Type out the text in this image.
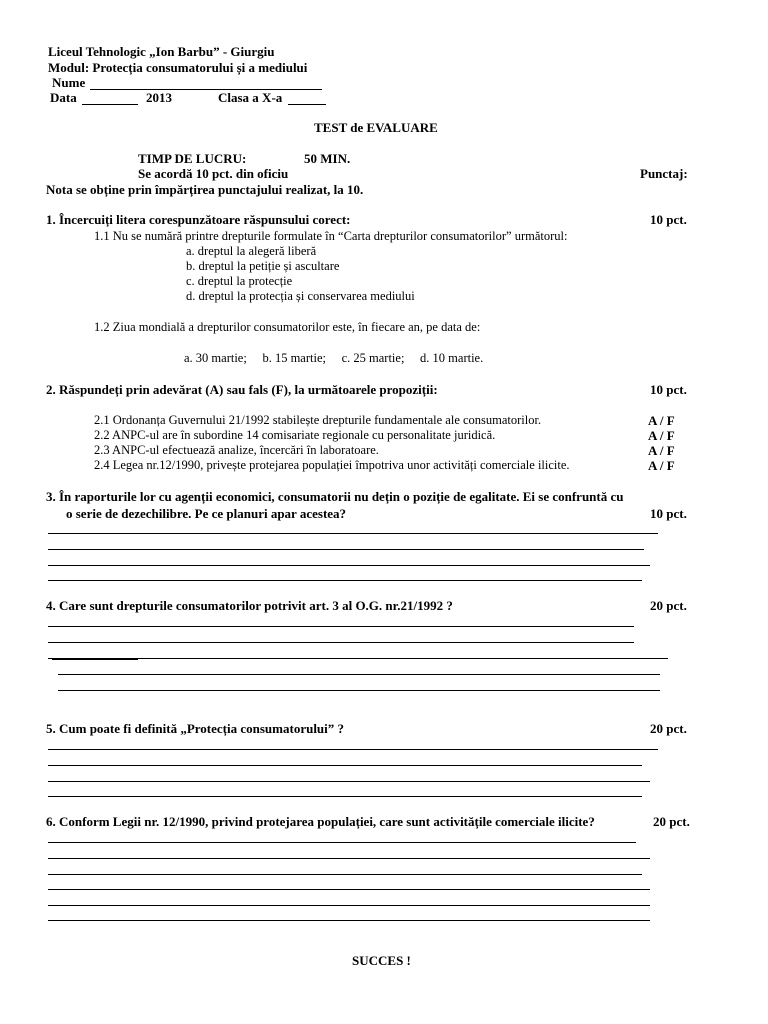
Liceul Tehnologic „Ion Barbu” - Giurgiu
Modul: Protecția consumatorului și a mediului
Nume
Data	2013	Clasa a X-a
TEST de EVALUARE
TIMP DE LUCRU:	50 MIN.
Se acordă 10 pct. din oficiu	Punctaj:
Nota se obține prin împărțirea punctajului realizat, la 10.
1. Încercuiți litera corespunzătoare răspunsului corect:	10 pct.
1.1 Nu se numără printre drepturile formulate în “Carta drepturilor consumatorilor” următorul:
a. dreptul la alegeră liberă
b. dreptul la petiție și ascultare
c. dreptul la protecție
d. dreptul la protecția și conservarea mediului
1.2 Ziua mondială a drepturilor consumatorilor este, în fiecare an, pe data de:
a. 30 martie;     b. 15 martie;     c. 25 martie;     d. 10 martie.
2. Răspundeți prin adevărat (A) sau fals (F), la următoarele propoziții:	10 pct.
2.1 Ordonanța Guvernului 21/1992 stabilește drepturile fundamentale ale consumatorilor.	A / F
2.2 ANPC-ul are în subordine 14 comisariate regionale cu personalitate juridică.	A / F
2.3 ANPC-ul efectuează analize, încercări în laboratoare.	A / F
2.4 Legea nr.12/1990, privește protejarea populației împotriva unor activități comerciale ilicite.	A / F
3. În raporturile lor cu agenții economici, consumatorii nu dețin o poziție de egalitate. Ei se confruntă cu
o serie de dezechilibre. Pe ce planuri apar acestea?	10 pct.
4. Care sunt drepturile consumatorilor potrivit art. 3 al O.G. nr.21/1992 ?	20 pct.
5. Cum poate fi definită „Protecția consumatorului” ?	20 pct.
6. Conform Legii nr. 12/1990, privind protejarea populației, care sunt activitățile comerciale ilicite?	20 pct.
SUCCES !
